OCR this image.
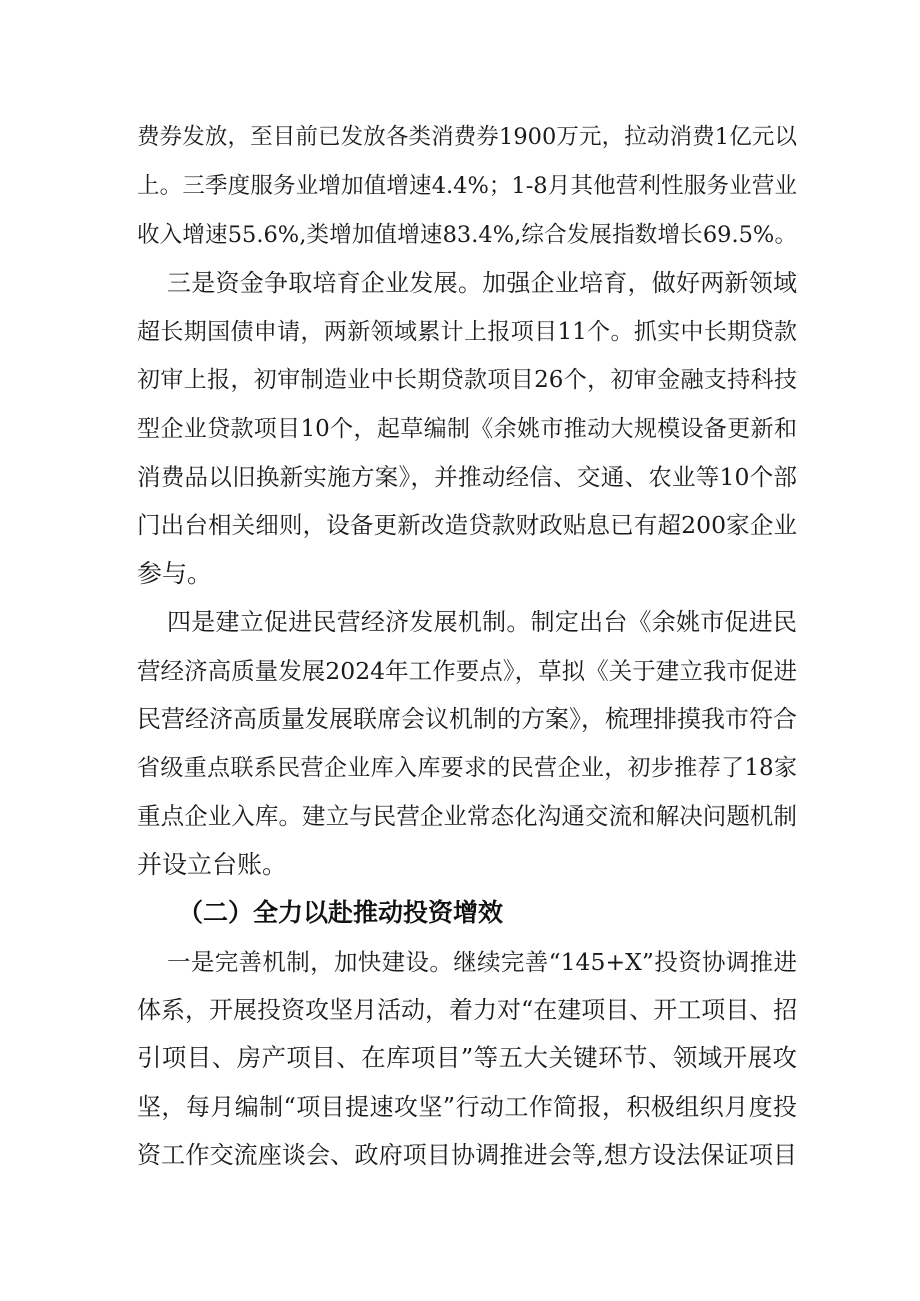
费券发放，至目前已发放各类消费券1900万元，拉动消费1亿元以
上。三季度服务业增加值增速4.4%；1-8月其他营利性服务业营业
收入增速55.6%,类增加值增速83.4%,综合发展指数增长69.5%。
三是资金争取培育企业发展。加强企业培育，做好两新领域
超长期国债申请，两新领域累计上报项目11个。抓实中长期贷款
初审上报，初审制造业中长期贷款项目26个，初审金融支持科技
型企业贷款项目10个，起草编制《余姚市推动大规模设备更新和
消费品以旧换新实施方案》，并推动经信、交通、农业等10个部
门出台相关细则，设备更新改造贷款财政贴息已有超200家企业
参与。
四是建立促进民营经济发展机制。制定出台《余姚市促进民
营经济高质量发展2024年工作要点》，草拟《关于建立我市促进
民营经济高质量发展联席会议机制的方案》，梳理排摸我市符合
省级重点联系民营企业库入库要求的民营企业，初步推荐了18家
重点企业入库。建立与民营企业常态化沟通交流和解决问题机制
并设立台账。
（二）全力以赴推动投资增效
一是完善机制，加快建设。继续完善“145+X”投资协调推进
体系，开展投资攻坚月活动，着力对“在建项目、开工项目、招
引项目、房产项目、在库项目”等五大关键环节、领域开展攻
坚，每月编制“项目提速攻坚”行动工作简报，积极组织月度投
资工作交流座谈会、政府项目协调推进会等,想方设法保证项目
